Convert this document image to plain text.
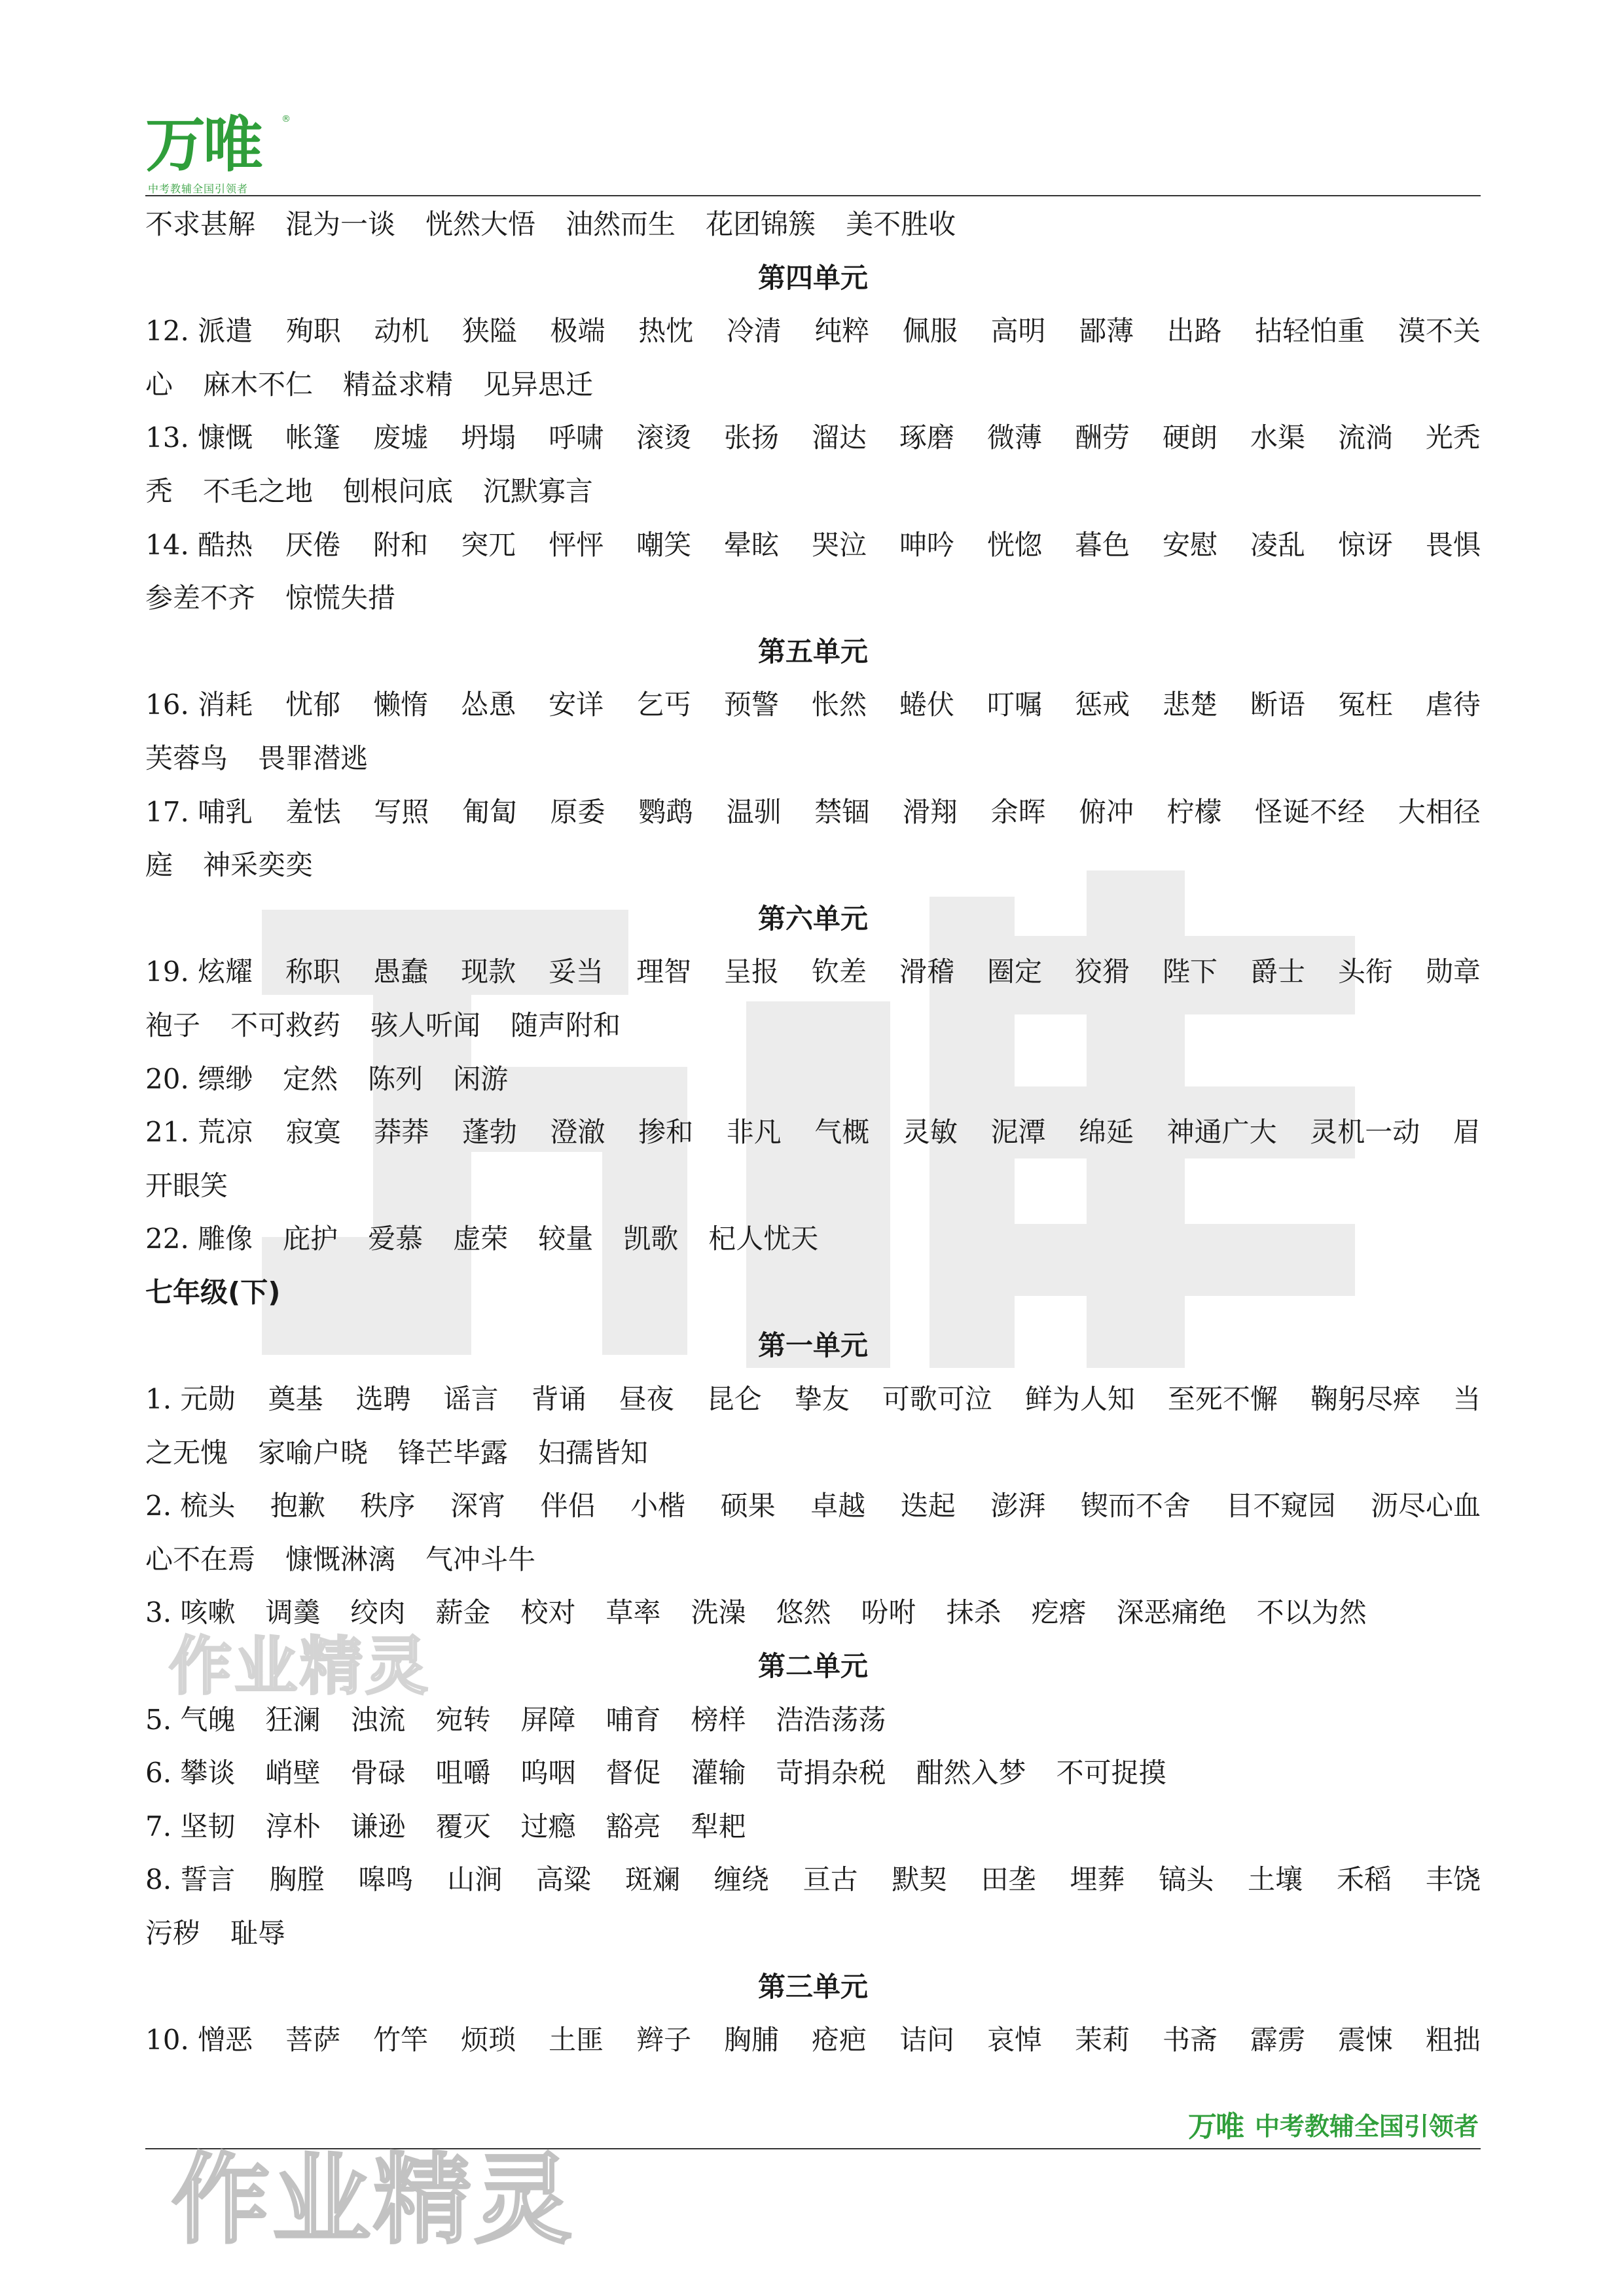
万唯 ®
中考教辅全国引领者
不求甚解 混为一谈 恍然大悟 油然而生 花团锦簇 美不胜收
第四单元
12. 派遣 殉职 动机 狭隘 极端 热忱 冷清 纯粹 佩服 高明 鄙薄 出路 拈轻怕重 漠不关
心 麻木不仁 精益求精 见异思迁
13. 慷慨 帐篷 废墟 坍塌 呼啸 滚烫 张扬 溜达 琢磨 微薄 酬劳 硬朗 水渠 流淌 光秃
秃 不毛之地 刨根问底 沉默寡言
14. 酷热 厌倦 附和 突兀 怦怦 嘲笑 晕眩 哭泣 呻吟 恍惚 暮色 安慰 凌乱 惊讶 畏惧
参差不齐 惊慌失措
第五单元
16. 消耗 忧郁 懒惰 怂恿 安详 乞丐 预警 怅然 蜷伏 叮嘱 惩戒 悲楚 断语 冤枉 虐待
芙蓉鸟 畏罪潜逃
17. 哺乳 羞怯 写照 匍匐 原委 鹦鹉 温驯 禁锢 滑翔 余晖 俯冲 柠檬 怪诞不经 大相径
庭 神采奕奕
第六单元
19. 炫耀 称职 愚蠢 现款 妥当 理智 呈报 钦差 滑稽 圈定 狡猾 陛下 爵士 头衔 勋章
袍子 不可救药 骇人听闻 随声附和
20. 缥缈 定然 陈列 闲游
21. 荒凉 寂寞 莽莽 蓬勃 澄澈 掺和 非凡 气概 灵敏 泥潭 绵延 神通广大 灵机一动 眉
开眼笑
22. 雕像 庇护 爱慕 虚荣 较量 凯歌 杞人忧天
七年级(下)
第一单元
1. 元勋 奠基 选聘 谣言 背诵 昼夜 昆仑 挚友 可歌可泣 鲜为人知 至死不懈 鞠躬尽瘁 当
之无愧 家喻户晓 锋芒毕露 妇孺皆知
2. 梳头 抱歉 秩序 深宵 伴侣 小楷 硕果 卓越 迭起 澎湃 锲而不舍 目不窥园 沥尽心血
心不在焉 慷慨淋漓 气冲斗牛
3. 咳嗽 调羹 绞肉 薪金 校对 草率 洗澡 悠然 吩咐 抹杀 疙瘩 深恶痛绝 不以为然
第二单元
5. 气魄 狂澜 浊流 宛转 屏障 哺育 榜样 浩浩荡荡
6. 攀谈 峭壁 骨碌 咀嚼 呜咽 督促 灌输 苛捐杂税 酣然入梦 不可捉摸
7. 坚韧 淳朴 谦逊 覆灭 过瘾 豁亮 犁耙
8. 誓言 胸膛 嗥鸣 山涧 高粱 斑斓 缠绕 亘古 默契 田垄 埋葬 镐头 土壤 禾稻 丰饶
污秽 耻辱
第三单元
10. 憎恶 菩萨 竹竿 烦琐 土匪 辫子 胸脯 疮疤 诘问 哀悼 茉莉 书斋 霹雳 震悚 粗拙
作业精灵
作业精灵
万唯 中考教辅全国引领者
